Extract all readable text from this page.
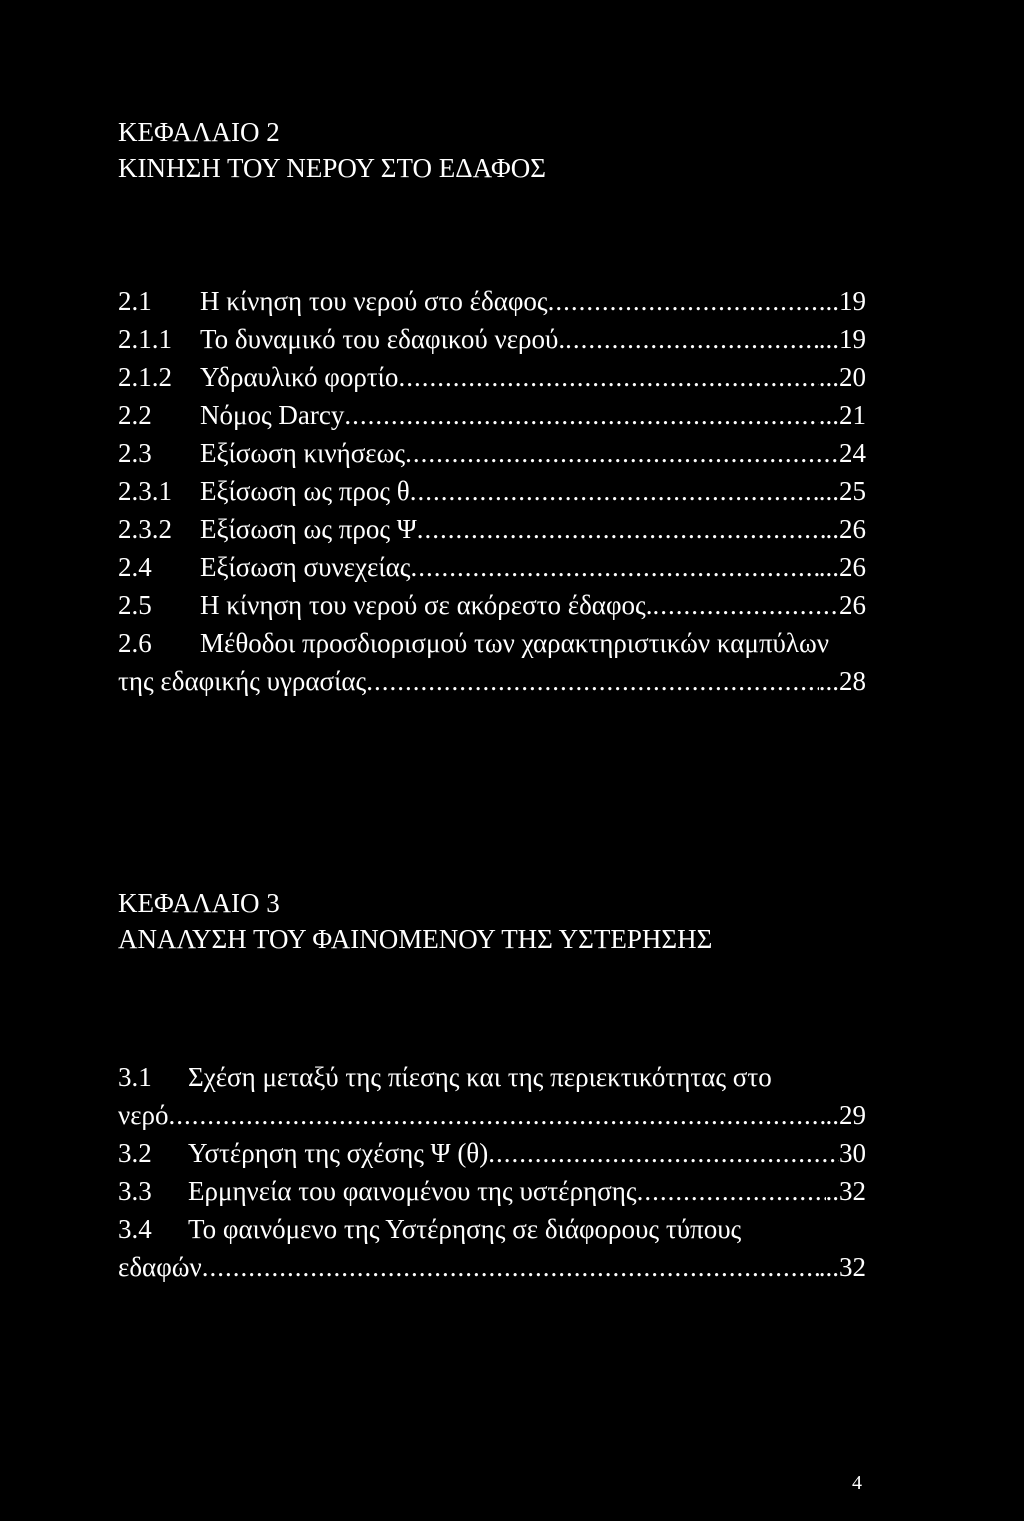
ΚΕΦΑΛΑΙΟ 2
ΚΙΝΗΣΗ ΤΟΥ ΝΕΡΟΥ ΣΤΟ ΕΔΑΦΟΣ
2.1	Η κίνηση του νερού στο έδαφος .....	...19
2.1.1	Το δυναμικό του εδαφικού νερού. .....	...19
2.1.2	Υδραυλικό φορτίο .....	...20
2.2	Νόμος Darcy .....	...21
2.3	Εξίσωση κινήσεως .....	24
2.3.1	Εξίσωση ως προς θ .....	...25
2.3.2	Εξίσωση ως προς Ψ .....	..26
2.4	Εξίσωση συνεχείας .....	...26
2.5	Η κίνηση του νερού σε ακόρεστο έδαφος. .....	26
2.6 Μέθοδοι προσδιορισμού των χαρακτηριστικών καμπύλων
της εδαφικής υγρασίας .....	...28
ΚΕΦΑΛΑΙΟ 3
ΑΝΑΛΥΣΗ ΤΟΥ ΦΑΙΝΟΜΕΝΟΥ ΤΗΣ ΥΣΤΕΡΗΣΗΣ
3.1 Σχέση μεταξύ της πίεσης και της περιεκτικότητας στο
νερό .....	..29
3.2	Υστέρηση της σχέσης Ψ (θ) .....	30
3.3	Ερμηνεία του φαινομένου της υστέρησης .....	..32
3.4 Το φαινόμενο της Υστέρησης σε διάφορους τύπους
εδαφών .....	...32
4
